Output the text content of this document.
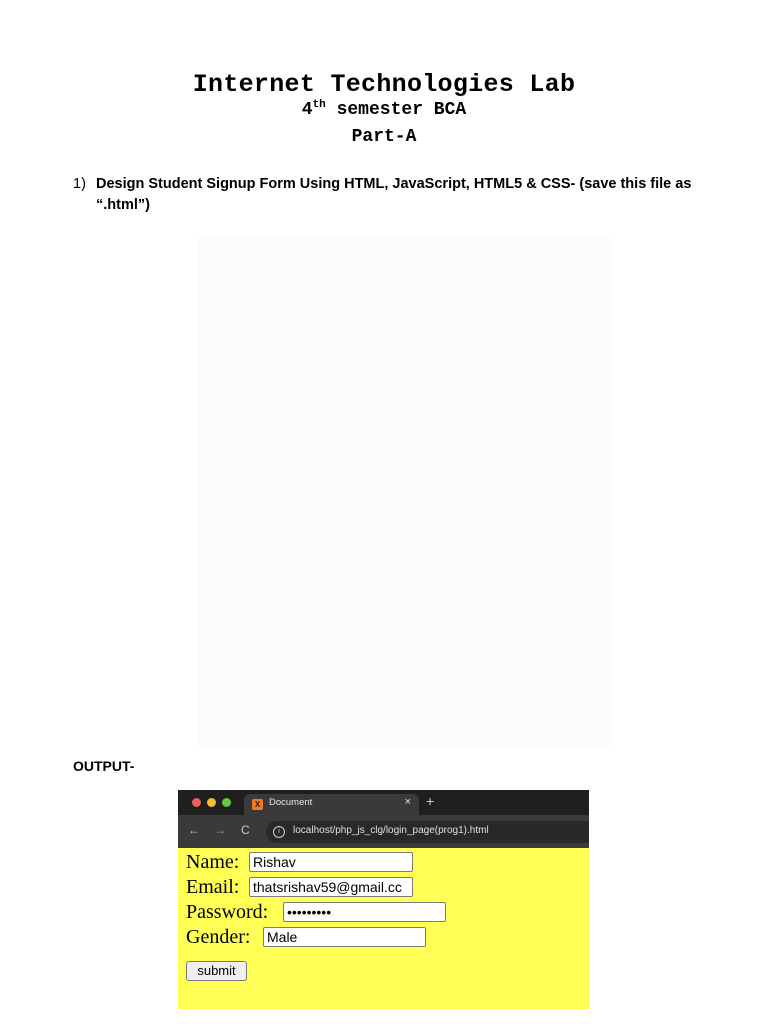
Internet Technologies Lab
4th semester BCA
Part-A
1) Design Student Signup Form Using HTML, JavaScript, HTML5 & CSS- (save this file as “.html”)
OUTPUT-
X Document	× +
← → C	i	localhost/php_js_clg/login_page(prog1).html
Name: Rishav
Email: thatsrishav59@gmail.cc
Password: •••••••••
Gender: Male
submit
